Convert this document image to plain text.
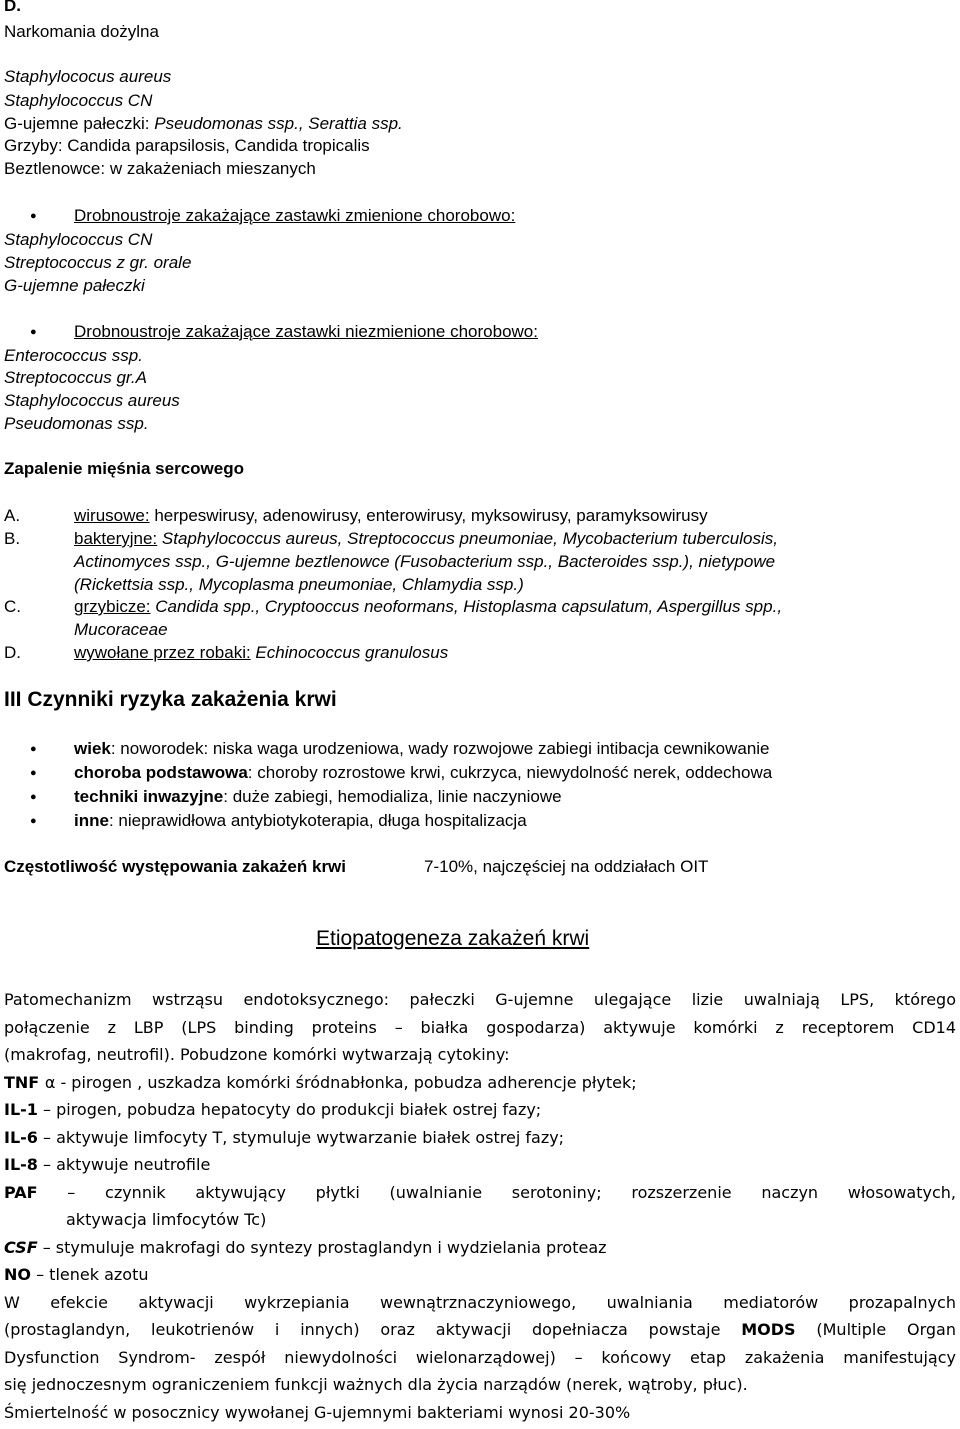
D.
Narkomania dożylna
Staphylococus aureus
Staphylococcus CN
G-ujemne pałeczki: Pseudomonas ssp., Serattia ssp.
Grzyby: Candida parapsilosis, Candida tropicalis
Beztlenowce: w zakażeniach mieszanych
● Drobnoustroje zakażające zastawki zmienione chorobowo:
Staphylococcus CN
Streptococcus z gr. orale
G-ujemne pałeczki
● Drobnoustroje zakażające zastawki niezmienione chorobowo:
Enterococcus ssp.
Streptococcus gr.A
Staphylococcus aureus
Pseudomonas ssp.
Zapalenie mięśnia sercowego
A.	wirusowe: herpeswirusy, adenowirusy, enterowirusy, myksowirusy, paramyksowirusy
B.	bakteryjne: Staphylococcus aureus, Streptococcus pneumoniae, Mycobacterium tuberculosis,
Actinomyces ssp., G-ujemne beztlenowce (Fusobacterium ssp., Bacteroides ssp.), nietypowe
(Rickettsia ssp., Mycoplasma pneumoniae, Chlamydia ssp.)
C.	grzybicze: Candida spp., Cryptooccus neoformans, Histoplasma capsulatum, Aspergillus spp.,
Mucoraceae
D.	wywołane przez robaki: Echinococcus granulosus
III Czynniki ryzyka zakażenia krwi
● wiek: noworodek: niska waga urodzeniowa, wady rozwojowe zabiegi intibacja cewnikowanie
● choroba podstawowa: choroby rozrostowe krwi, cukrzyca, niewydolność nerek, oddechowa
● techniki inwazyjne: duże zabiegi, hemodializa, linie naczyniowe
● inne: nieprawidłowa antybiotykoterapia, długa hospitalizacja
Częstotliwość występowania zakażeń krwi	7-10%, najczęściej na oddziałach OIT
Etiopatogeneza zakażeń krwi
Patomechanizm wstrząsu endotoksycznego: pałeczki G-ujemne ulegające lizie uwalniają LPS, którego
połączenie z LBP (LPS binding proteins – białka gospodarza) aktywuje komórki z receptorem CD14
(makrofag, neutrofil). Pobudzone komórki wytwarzają cytokiny:
TNF α - pirogen , uszkadza komórki śródnabłonka, pobudza adherencje płytek;
IL-1 – pirogen, pobudza hepatocyty do produkcji białek ostrej fazy;
IL-6 – aktywuje limfocyty T, stymuluje wytwarzanie białek ostrej fazy;
IL-8 – aktywuje neutrofile
PAF – czynnik aktywujący płytki (uwalnianie serotoniny; rozszerzenie naczyn włosowatych,
aktywacja limfocytów Tc)
CSF – stymuluje makrofagi do syntezy prostaglandyn i wydzielania proteaz
NO – tlenek azotu
W efekcie aktywacji wykrzepiania wewnątrznaczyniowego, uwalniania mediatorów prozapalnych
(prostaglandyn, leukotrienów i innych) oraz aktywacji dopełniacza powstaje MODS (Multiple Organ
Dysfunction Syndrom- zespół niewydolności wielonarządowej) – końcowy etap zakażenia manifestujący
się jednoczesnym ograniczeniem funkcji ważnych dla życia narządów (nerek, wątroby, płuc).
Śmiertelność w posocznicy wywołanej G-ujemnymi bakteriami wynosi 20-30%
